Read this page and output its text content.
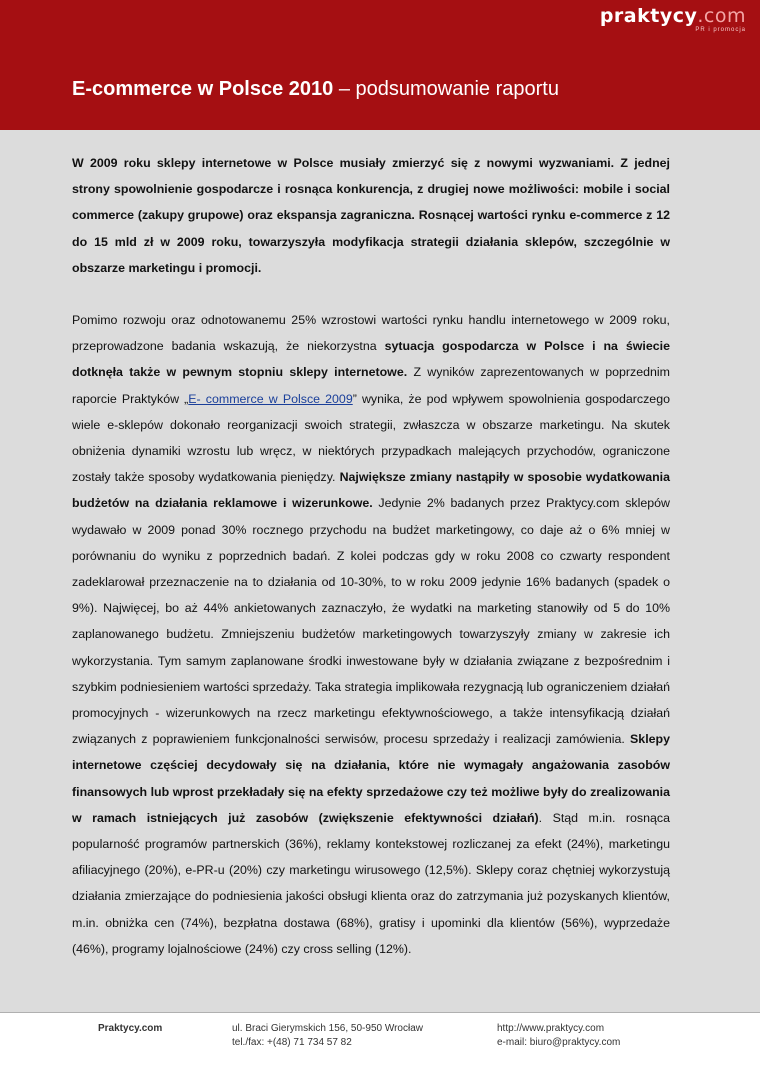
praktycy.com
PR i promocja
E-commerce w Polsce 2010 – podsumowanie raportu

W 2009 roku sklepy internetowe w Polsce musiały zmierzyć się z nowymi wyzwaniami. Z jednej strony spowolnienie gospodarcze i rosnąca konkurencja, z drugiej nowe możliwości: mobile i social commerce (zakupy grupowe) oraz ekspansja zagraniczna. Rosnącej wartości rynku e-commerce z 12 do 15 mld zł w 2009 roku, towarzyszyła modyfikacja strategii działania sklepów, szczególnie w obszarze marketingu i promocji.

Pomimo rozwoju oraz odnotowanemu 25% wzrostowi wartości rynku handlu internetowego w 2009 roku, przeprowadzone badania wskazują, że niekorzystna sytuacja gospodarcza w Polsce i na świecie dotknęła także w pewnym stopniu sklepy internetowe. Z wyników zaprezentowanych w poprzednim raporcie Praktyków „E- commerce w Polsce 2009” wynika, że pod wpływem spowolnienia gospodarczego wiele e-sklepów dokonało reorganizacji swoich strategii, zwłaszcza w obszarze marketingu. Na skutek obniżenia dynamiki wzrostu lub wręcz, w niektórych przypadkach malejących przychodów, ograniczone zostały także sposoby wydatkowania pieniędzy. Największe zmiany nastąpiły w sposobie wydatkowania budżetów na działania reklamowe i wizerunkowe. Jedynie 2% badanych przez Praktycy.com sklepów wydawało w 2009 ponad 30% rocznego przychodu na budżet marketingowy, co daje aż o 6% mniej w porównaniu do wyniku z poprzednich badań. Z kolei podczas gdy w roku 2008 co czwarty respondent zadeklarował przeznaczenie na to działania od 10-30%, to w roku 2009 jedynie 16% badanych (spadek o 9%). Najwięcej, bo aż 44% ankietowanych zaznaczyło, że wydatki na marketing stanowiły od 5 do 10% zaplanowanego budżetu. Zmniejszeniu budżetów marketingowych towarzyszyły zmiany w zakresie ich wykorzystania. Tym samym zaplanowane środki inwestowane były w działania związane z bezpośrednim i szybkim podniesieniem wartości sprzedaży. Taka strategia implikowała rezygnacją lub ograniczeniem działań promocyjnych - wizerunkowych na rzecz marketingu efektywnościowego, a także intensyfikacją działań związanych z poprawieniem funkcjonalności serwisów, procesu sprzedaży i realizacji zamówienia. Sklepy internetowe częściej decydowały się na działania, które nie wymagały angażowania zasobów finansowych lub wprost przekładały się na efekty sprzedażowe czy też możliwe były do zrealizowania w ramach istniejących już zasobów (zwiększenie efektywności działań). Stąd m.in. rosnąca popularność programów partnerskich (36%), reklamy kontekstowej rozliczanej za efekt (24%), marketingu afiliacyjnego (20%), e-PR-u (20%) czy marketingu wirusowego (12,5%). Sklepy coraz chętniej wykorzystują działania zmierzające do podniesienia jakości obsługi klienta oraz do zatrzymania już pozyskanych klientów, m.in. obniżka cen (74%), bezpłatna dostawa (68%), gratisy i upominki dla klientów (56%), wyprzedaże (46%), programy lojalnościowe (24%) czy cross selling (12%).

Praktycy.com	ul. Braci Gierymskich 156, 50-950 Wrocław
tel./fax: +(48) 71 734 57 82
http://www.praktycy.com
e-mail: biuro@praktycy.com
